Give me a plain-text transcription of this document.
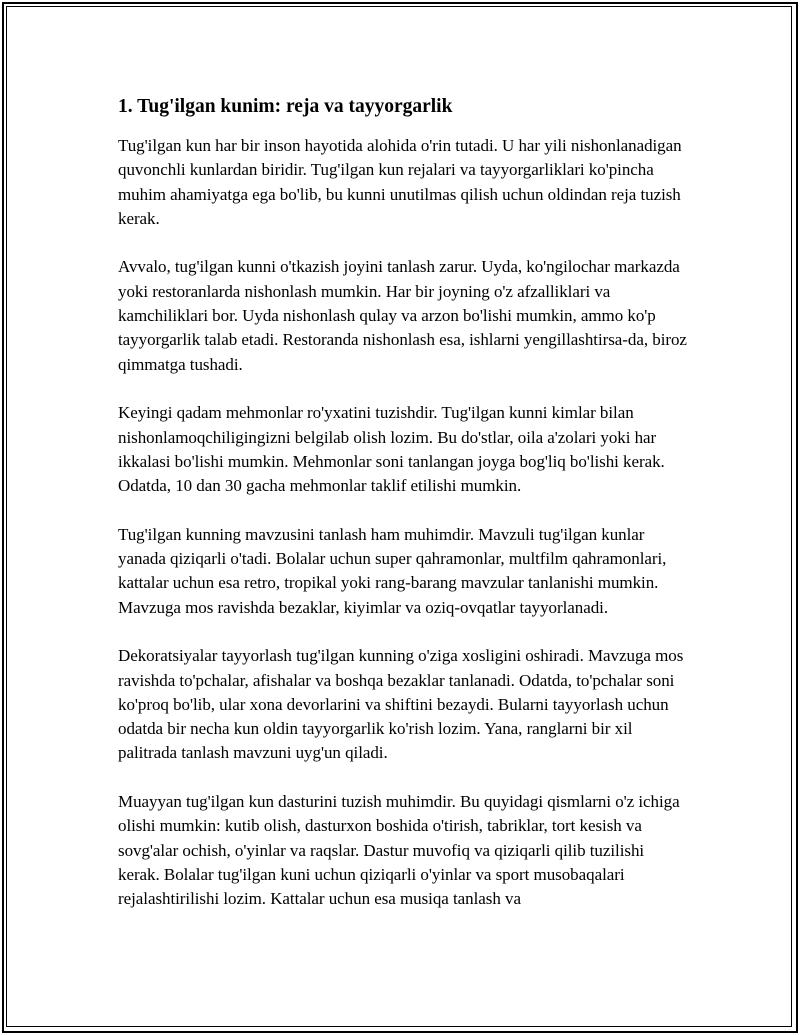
1. Tug'ilgan kunim: reja va tayyorgarlik

Tug'ilgan kun har bir inson hayotida alohida o'rin tutadi. U har yili nishonlanadigan quvonchli kunlardan biridir. Tug'ilgan kun rejalari va tayyorgarliklari ko'pincha muhim ahamiyatga ega bo'lib, bu kunni unutilmas qilish uchun oldindan reja tuzish kerak.

Avvalo, tug'ilgan kunni o'tkazish joyini tanlash zarur. Uyda, ko'ngilochar markazda yoki restoranlarda nishonlash mumkin. Har bir joyning o'z afzalliklari va kamchiliklari bor. Uyda nishonlash qulay va arzon bo'lishi mumkin, ammo ko'p tayyorgarlik talab etadi. Restoranda nishonlash esa, ishlarni yengillashtirsa-da, biroz qimmatga tushadi.

Keyingi qadam mehmonlar ro'yxatini tuzishdir. Tug'ilgan kunni kimlar bilan nishonlamoqchiligingizni belgilab olish lozim. Bu do'stlar, oila a'zolari yoki har ikkalasi bo'lishi mumkin. Mehmonlar soni tanlangan joyga bog'liq bo'lishi kerak. Odatda, 10 dan 30 gacha mehmonlar taklif etilishi mumkin.

Tug'ilgan kunning mavzusini tanlash ham muhimdir. Mavzuli tug'ilgan kunlar yanada qiziqarli o'tadi. Bolalar uchun super qahramonlar, multfilm qahramonlari, kattalar uchun esa retro, tropikal yoki rang-barang mavzular tanlanishi mumkin. Mavzuga mos ravishda bezaklar, kiyimlar va oziq-ovqatlar tayyorlanadi.

Dekoratsiyalar tayyorlash tug'ilgan kunning o'ziga xosligini oshiradi. Mavzuga mos ravishda to'pchalar, afishalar va boshqa bezaklar tanlanadi. Odatda, to'pchalar soni ko'proq bo'lib, ular xona devorlarini va shiftini bezaydi. Bularni tayyorlash uchun odatda bir necha kun oldin tayyorgarlik ko'rish lozim. Yana, ranglarni bir xil palitrada tanlash mavzuni uyg'un qiladi.

Muayyan tug'ilgan kun dasturini tuzish muhimdir. Bu quyidagi qismlarni o'z ichiga olishi mumkin: kutib olish, dasturxon boshida o'tirish, tabriklar, tort kesish va sovg'alar ochish, o'yinlar va raqslar. Dastur muvofiq va qiziqarli qilib tuzilishi kerak. Bolalar tug'ilgan kuni uchun qiziqarli o'yinlar va sport musobaqalari rejalashtirilishi lozim. Kattalar uchun esa musiqa tanlash va
